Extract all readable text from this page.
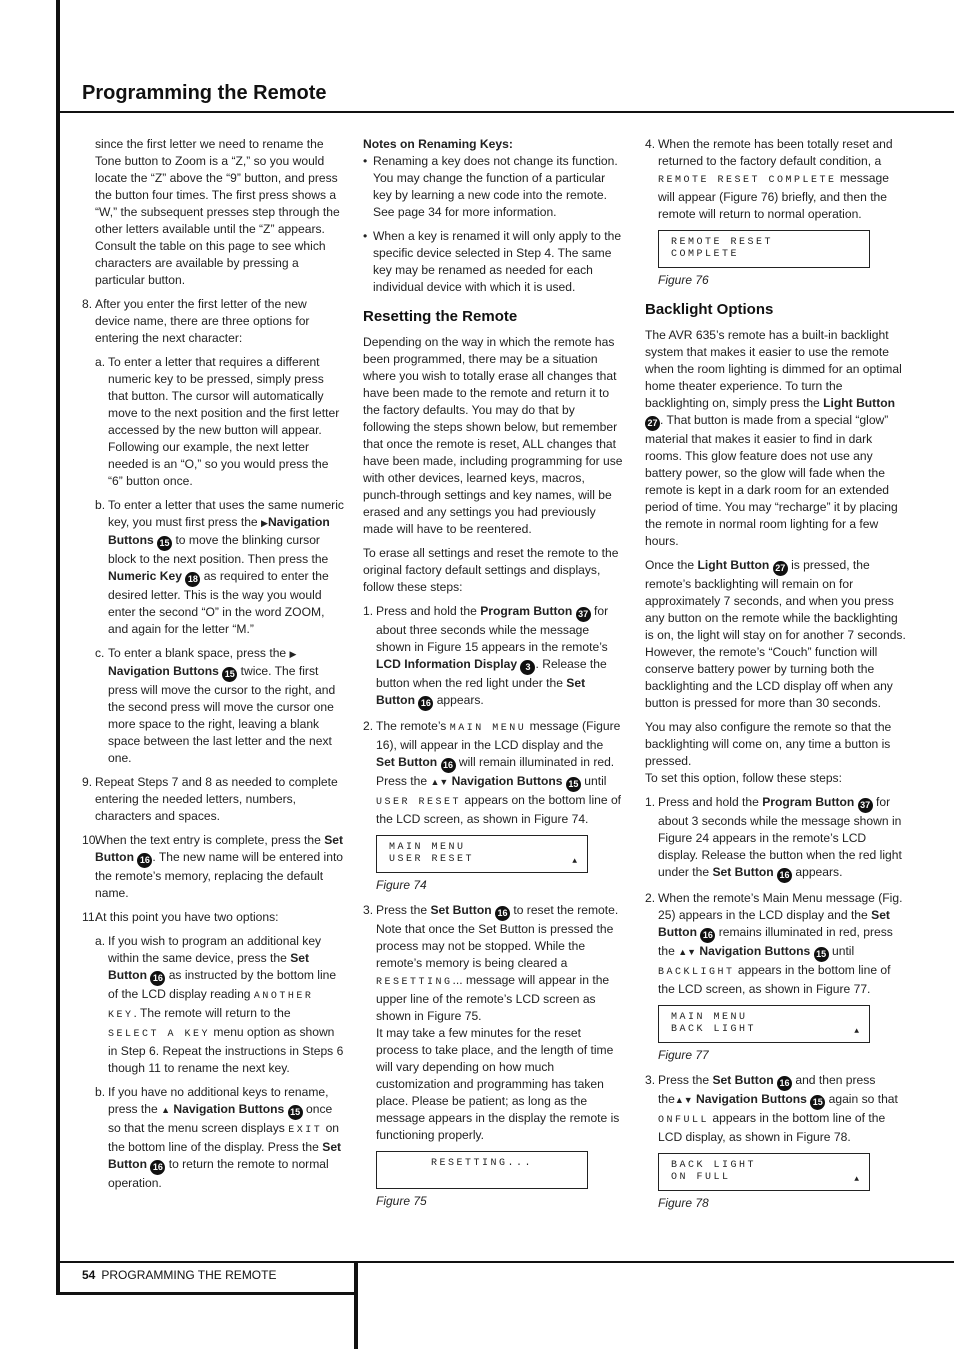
Programming the Remote

since the first letter we need to rename the Tone button to Zoom is a “Z,” so you would locate the “Z” above the “9” button, and press the button four times. The first press shows a “W,” the subsequent presses step through the other letters available until the “Z” appears. Consult the table on this page to see which characters are available by pressing a particular button.

8. After you enter the first letter of the new device name, there are three options for entering the next character:

a. To enter a letter that requires a different numeric key to be pressed, simply press that button. The cursor will automatically move to the next position and the first letter accessed by the new button will appear. Following our example, the next letter needed is an “O,” so you would press the “6” button once.

b. To enter a letter that uses the same numeric key, you must first press the ▶Navigation Buttons 15 to move the blinking cursor block to the next position. Then press the Numeric Key 18 as required to enter the desired letter. This is the way you would enter the second “O” in the word ZOOM, and again for the letter “M.”

c. To enter a blank space, press the ▶ Navigation Buttons 15 twice. The first press will move the cursor to the right, and the second press will move the cursor one more space to the right, leaving a blank space between the last letter and the next one.

9. Repeat Steps 7 and 8 as needed to complete entering the needed letters, numbers, characters and spaces.

10.When the text entry is complete, press the Set Button 16 . The new name will be entered into the remote’s memory, replacing the default name.

11.At this point you have two options:

a. If you wish to program an additional key within the same device, press the Set Button 16 as instructed by the bottom line of the LCD display reading ANOTHER KEY. The remote will return to the SELECT A KEY menu option as shown in Step 6. Repeat the instructions in Steps 6 though 11 to rename the next key.

b. If you have no additional keys to rename, press the ▲ Navigation Buttons 15 once so that the menu screen displays EXIT on the bottom line of the display. Press the Set Button 16 to return the remote to normal operation.

Notes on Renaming Keys:

• Renaming a key does not change its function. You may change the function of a particular key by learning a new code into the remote. See page 34 for more information.

• When a key is renamed it will only apply to the specific device selected in Step 4. The same key may be renamed as needed for each individual device with which it is used.

Resetting the Remote

Depending on the way in which the remote has been programmed, there may be a situation where you wish to totally erase all changes that have been made to the remote and return it to the factory defaults. You may do that by following the steps shown below, but remember that once the remote is reset, ALL changes that have been made, including programming for use with other devices, learned keys, macros, punch-through settings and key names, will be erased and any settings you had previously made will have to be reentered.

To erase all settings and reset the remote to the original factory default settings and displays, follow these steps:

1. Press and hold the Program Button 37 for about three seconds while the message shown in Figure 15 appears in the remote’s LCD Information Display 3 . Release the button when the red light under the Set Button 16 appears.

2. The remote’s MAIN MENU message (Figure 16), will appear in the LCD display and the Set Button 16 will remain illuminated in red. Press the ▲▼ Navigation Buttons 15 until USER RESET appears on the bottom line of the LCD screen, as shown in Figure 74.

MAIN MENU
USER RESET	▲
Figure 74

3. Press the Set Button 16 to reset the remote. Note that once the Set Button is pressed the process may not be stopped. While the remote’s memory is being cleared a RESETTING... message will appear in the upper line of the remote’s LCD screen as shown in Figure 75.
It may take a few minutes for the reset process to take place, and the length of time will vary depending on how much customization and programming has taken place. Please be patient; as long as the message appears in the display the remote is functioning properly.

RESETTING...
Figure 75

4. When the remote has been totally reset and returned to the factory default condition, a REMOTE RESET COMPLETE message will appear (Figure 76) briefly, and then the remote will return to normal operation.

REMOTE RESET
COMPLETE
Figure 76
Backlight Options

The AVR 635’s remote has a built-in backlight system that makes it easier to use the remote when the room lighting is dimmed for an optimal home theater experience. To turn the backlighting on, simply press the Light Button 27 . That button is made from a special “glow” material that makes it easier to find in dark rooms. This glow feature does not use any battery power, so the glow will fade when the remote is kept in a dark room for an extended period of time. You may “recharge” it by placing the remote in normal room lighting for a few hours.

Once the Light Button 27 is pressed, the remote’s backlighting will remain on for approximately 7 seconds, and when you press any button on the remote while the backlighting is on, the light will stay on for another 7 seconds. However, the remote’s “Couch” function will conserve battery power by turning both the backlighting and the LCD display off when any button is pressed for more than 30 seconds.

You may also configure the remote so that the backlighting will come on, any time a button is pressed.

To set this option, follow these steps:

1. Press and hold the Program Button 37 for about 3 seconds while the message shown in Figure 24 appears in the remote’s LCD display. Release the button when the red light under the Set Button 16 appears.

2. When the remote’s Main Menu message (Fig. 25) appears in the LCD display and the Set Button 16 remains illuminated in red, press the ▲▼ Navigation Buttons 15 until BACKLIGHT appears in the bottom line of the LCD screen, as shown in Figure 77.

MAIN MENU
BACK LIGHT	▲
Figure 77

3. Press the Set Button 16 and then press the▲▼ Navigation Buttons 15 again so that ONFULL appears in the bottom line of the LCD display, as shown in Figure 78.

BACK LIGHT
ON FULL	▲
Figure 78
54 PROGRAMMING THE REMOTE
